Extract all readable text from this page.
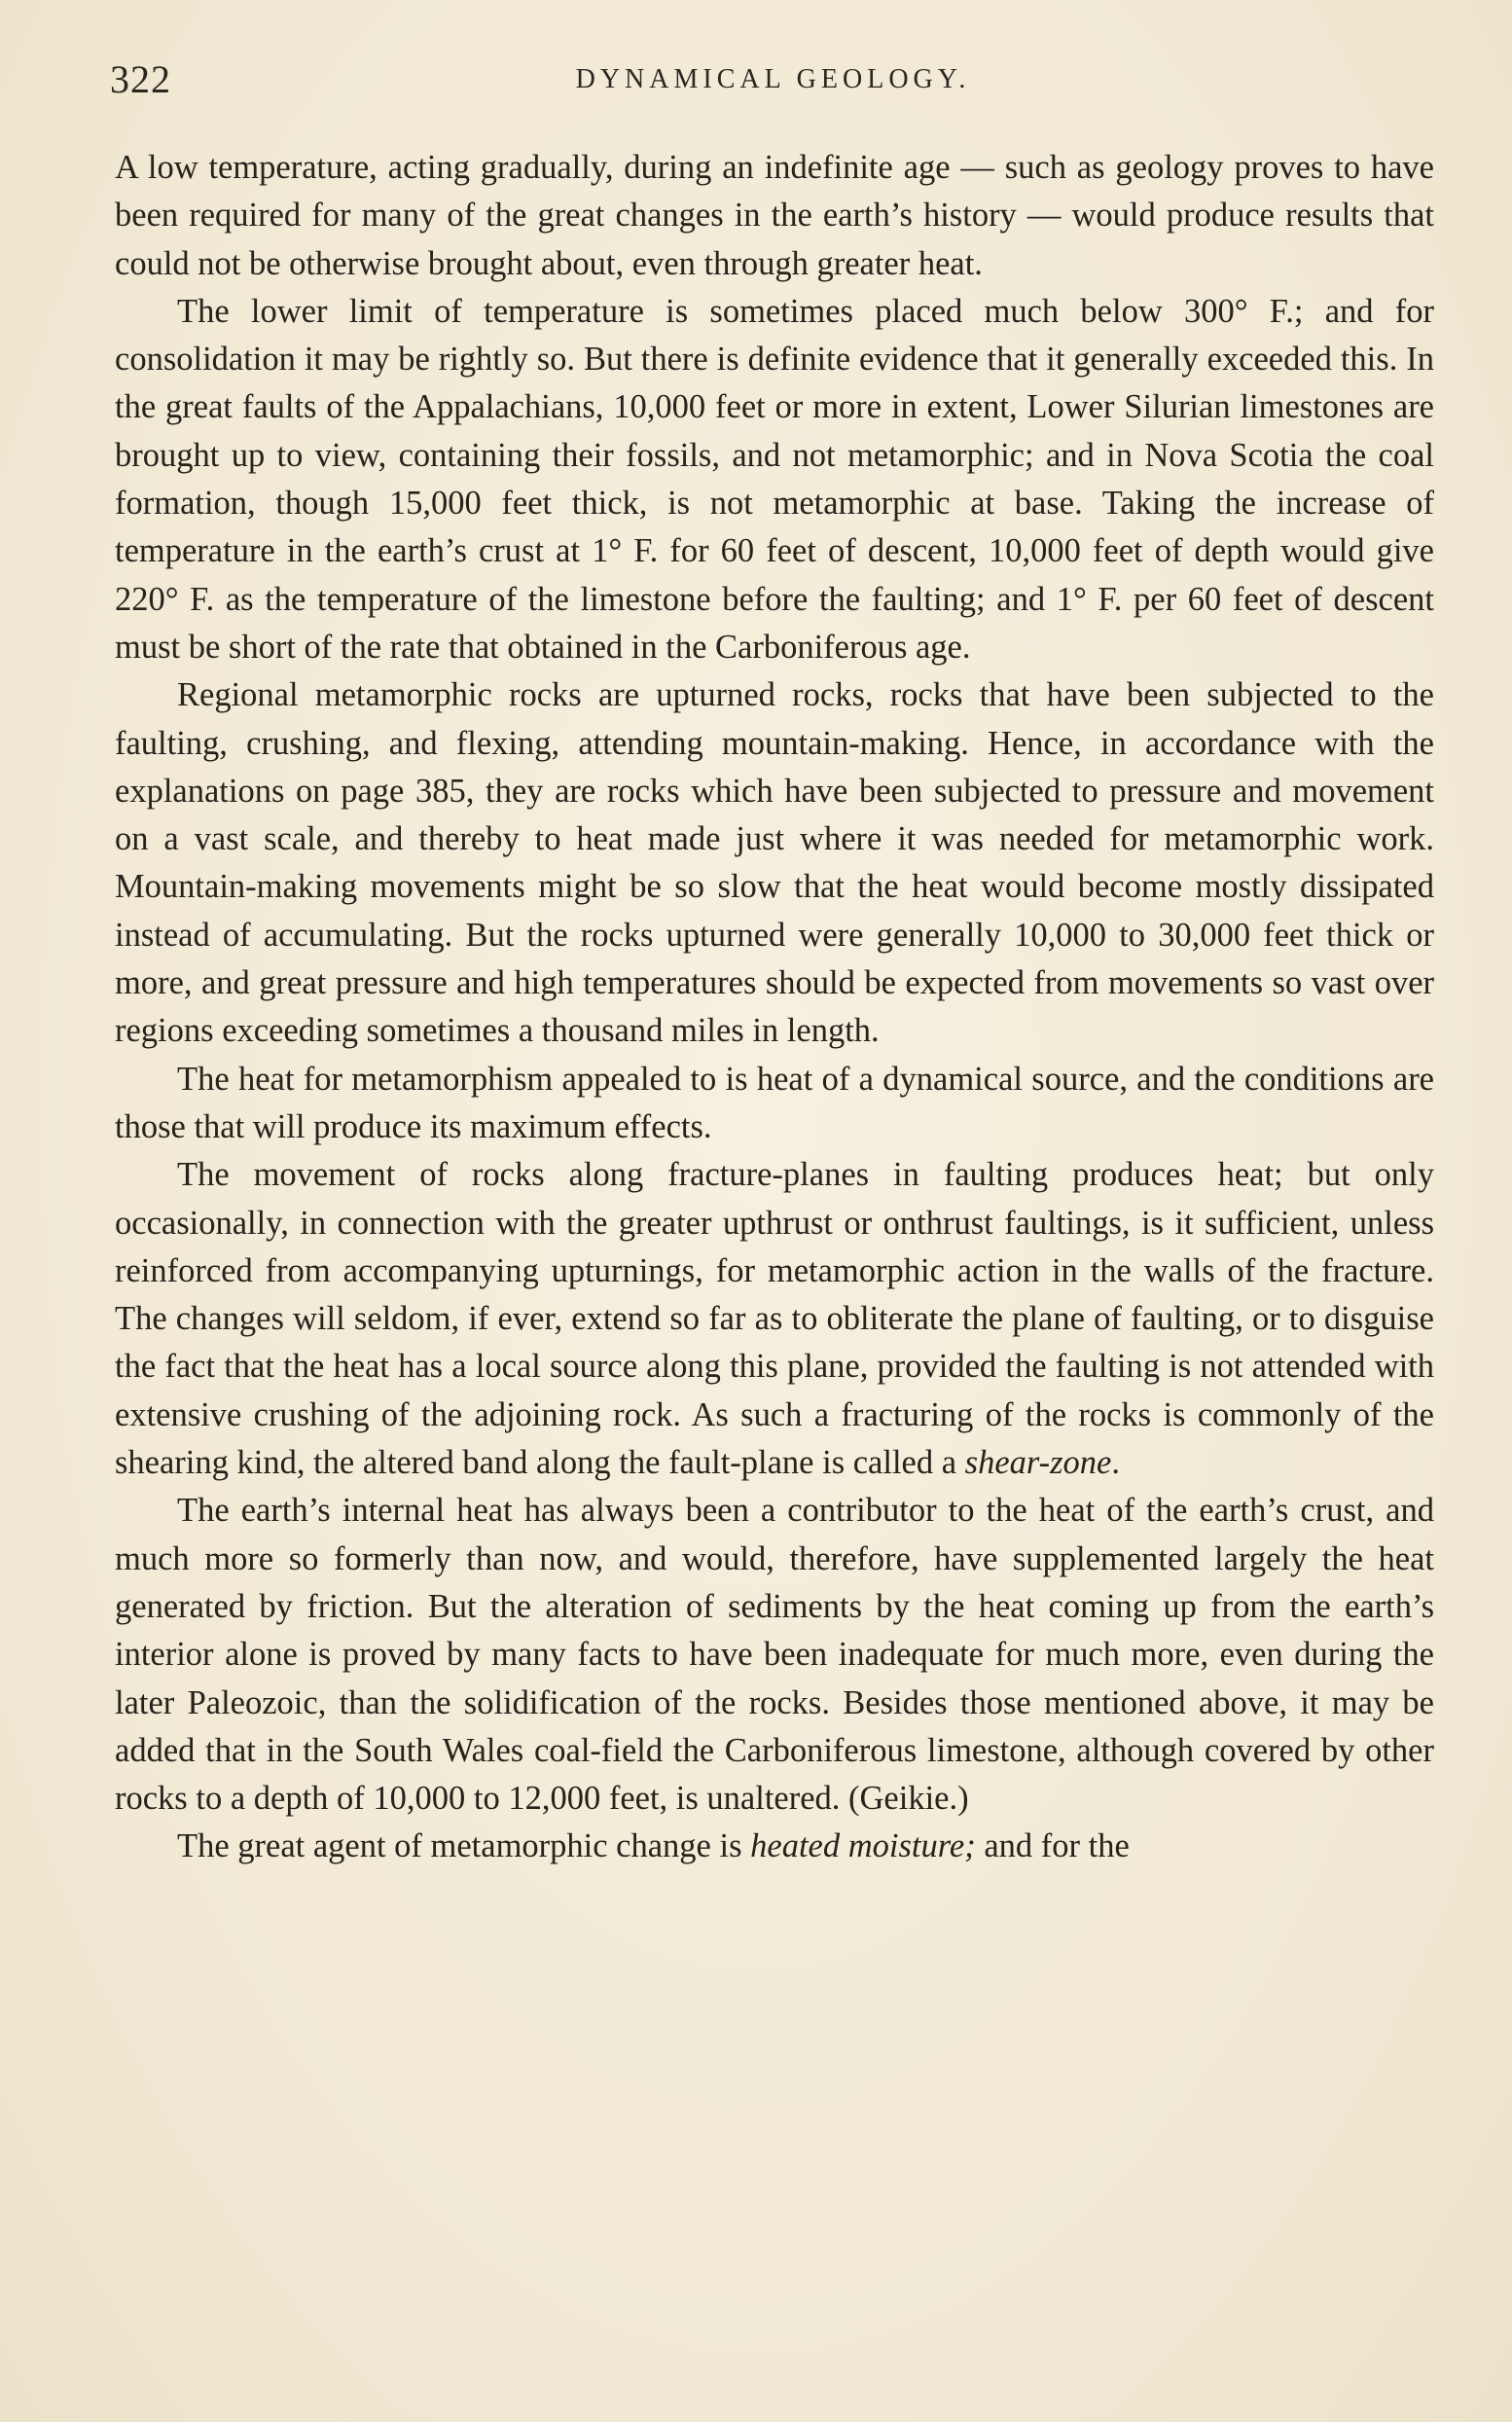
322	DYNAMICAL GEOLOGY.

A low temperature, acting gradually, during an indefinite age — such as geology proves to have been required for many of the great changes in the earth’s history — would produce results that could not be otherwise brought about, even through greater heat.

The lower limit of temperature is sometimes placed much below 300° F.; and for consolidation it may be rightly so. But there is definite evidence that it generally exceeded this. In the great faults of the Appalachians, 10,000 feet or more in extent, Lower Silurian limestones are brought up to view, containing their fossils, and not metamorphic; and in Nova Scotia the coal formation, though 15,000 feet thick, is not metamorphic at base. Taking the increase of temperature in the earth’s crust at 1° F. for 60 feet of descent, 10,000 feet of depth would give 220° F. as the temperature of the limestone before the faulting; and 1° F. per 60 feet of descent must be short of the rate that obtained in the Carboniferous age.

Regional metamorphic rocks are upturned rocks, rocks that have been subjected to the faulting, crushing, and flexing, attending mountain-making. Hence, in accordance with the explanations on page 385, they are rocks which have been subjected to pressure and movement on a vast scale, and thereby to heat made just where it was needed for metamorphic work. Mountain-making movements might be so slow that the heat would become mostly dissipated instead of accumulating. But the rocks upturned were generally 10,000 to 30,000 feet thick or more, and great pressure and high temperatures should be expected from movements so vast over regions exceeding sometimes a thousand miles in length.

The heat for metamorphism appealed to is heat of a dynamical source, and the conditions are those that will produce its maximum effects.

The movement of rocks along fracture-planes in faulting produces heat; but only occasionally, in connection with the greater upthrust or onthrust faultings, is it sufficient, unless reinforced from accompanying upturnings, for metamorphic action in the walls of the fracture. The changes will seldom, if ever, extend so far as to obliterate the plane of faulting, or to disguise the fact that the heat has a local source along this plane, provided the faulting is not attended with extensive crushing of the adjoining rock. As such a fracturing of the rocks is commonly of the shearing kind, the altered band along the fault-plane is called a shear-zone.

The earth’s internal heat has always been a contributor to the heat of the earth’s crust, and much more so formerly than now, and would, therefore, have supplemented largely the heat generated by friction. But the alteration of sediments by the heat coming up from the earth’s interior alone is proved by many facts to have been inadequate for much more, even during the later Paleozoic, than the solidification of the rocks. Besides those mentioned above, it may be added that in the South Wales coal-field the Carboniferous limestone, although covered by other rocks to a depth of 10,000 to 12,000 feet, is unaltered. (Geikie.)

The great agent of metamorphic change is heated moisture; and for the
